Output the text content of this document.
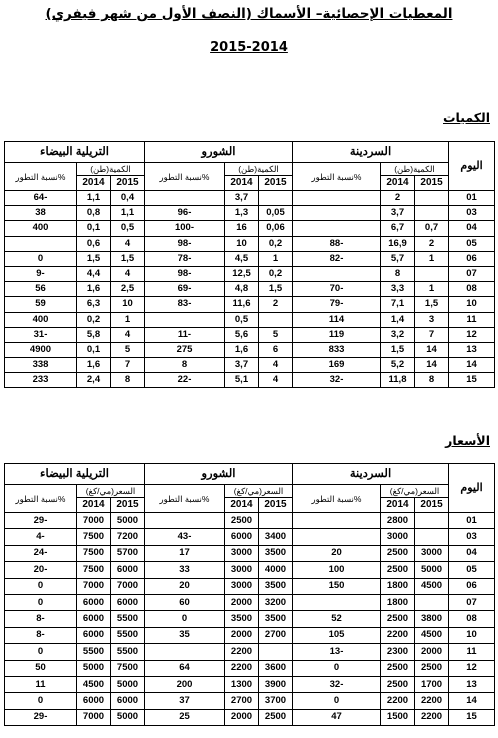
المعطيات الإحصائية– الأسماك (النصف الأول من شهر فيفري)
2015-2014
الكميات
التريلية البيضاء			الشورو			السردينة			اليوم
نسبة التطور%	الكمية(طن)		نسبة التطور%	الكمية(طن)		نسبة التطور%	الكمية(طن)		
	2014	2015		2014	2015		2014	2015	
64-	1,1	0,4		3,7			2		01
38	0,8	1,1	96-	1,3	0,05		3,7		03
400	0,1	0,5	100-	16	0,06		6,7	0,7	04
	0,6	4	98-	10	0,2	88-	16,9	2	05
0	1,5	1,5	78-	4,5	1	82-	5,7	1	06
9-	4,4	4	98-	12,5	0,2		8		07
56	1,6	2,5	69-	4,8	1,5	70-	3,3	1	08
59	6,3	10	83-	11,6	2	79-	7,1	1,5	10
400	0,2	1		0,5		114	1,4	3	11
31-	5,8	4	11-	5,6	5	119	3,2	7	12
4900	0,1	5	275	1,6	6	833	1,5	14	13
338	1,6	7	8	3,7	4	169	5,2	14	14
233	2,4	8	22-	5,1	4	32-	11,8	8	15
الأسعار
التريلية البيضاء			الشورو			السردينة			اليوم
نسبة التطور%	السعر(مي/كغ)		نسبة التطور%	السعر(مي/كغ)		نسبة التطور%	السعر(مي/كغ)		
	2014	2015		2014	2015		2014	2015	
29-	7000	5000		2500			2800		01
4-	7500	7200	43-	6000	3400		3000		03
24-	7500	5700	17	3000	3500	20	2500	3000	04
20-	7500	6000	33	3000	4000	100	2500	5000	05
0	7000	7000	20	3000	3500	150	1800	4500	06
0	6000	6000	60	2000	3200		1800		07
8-	6000	5500	0	3500	3500	52	2500	3800	08
8-	6000	5500	35	2000	2700	105	2200	4500	10
0	5500	5500		2200		13-	2300	2000	11
50	5000	7500	64	2200	3600	0	2500	2500	12
11	4500	5000	200	1300	3900	32-	2500	1700	13
0	6000	6000	37	2700	3700	0	2200	2200	14
29-	7000	5000	25	2000	2500	47	1500	2200	15
